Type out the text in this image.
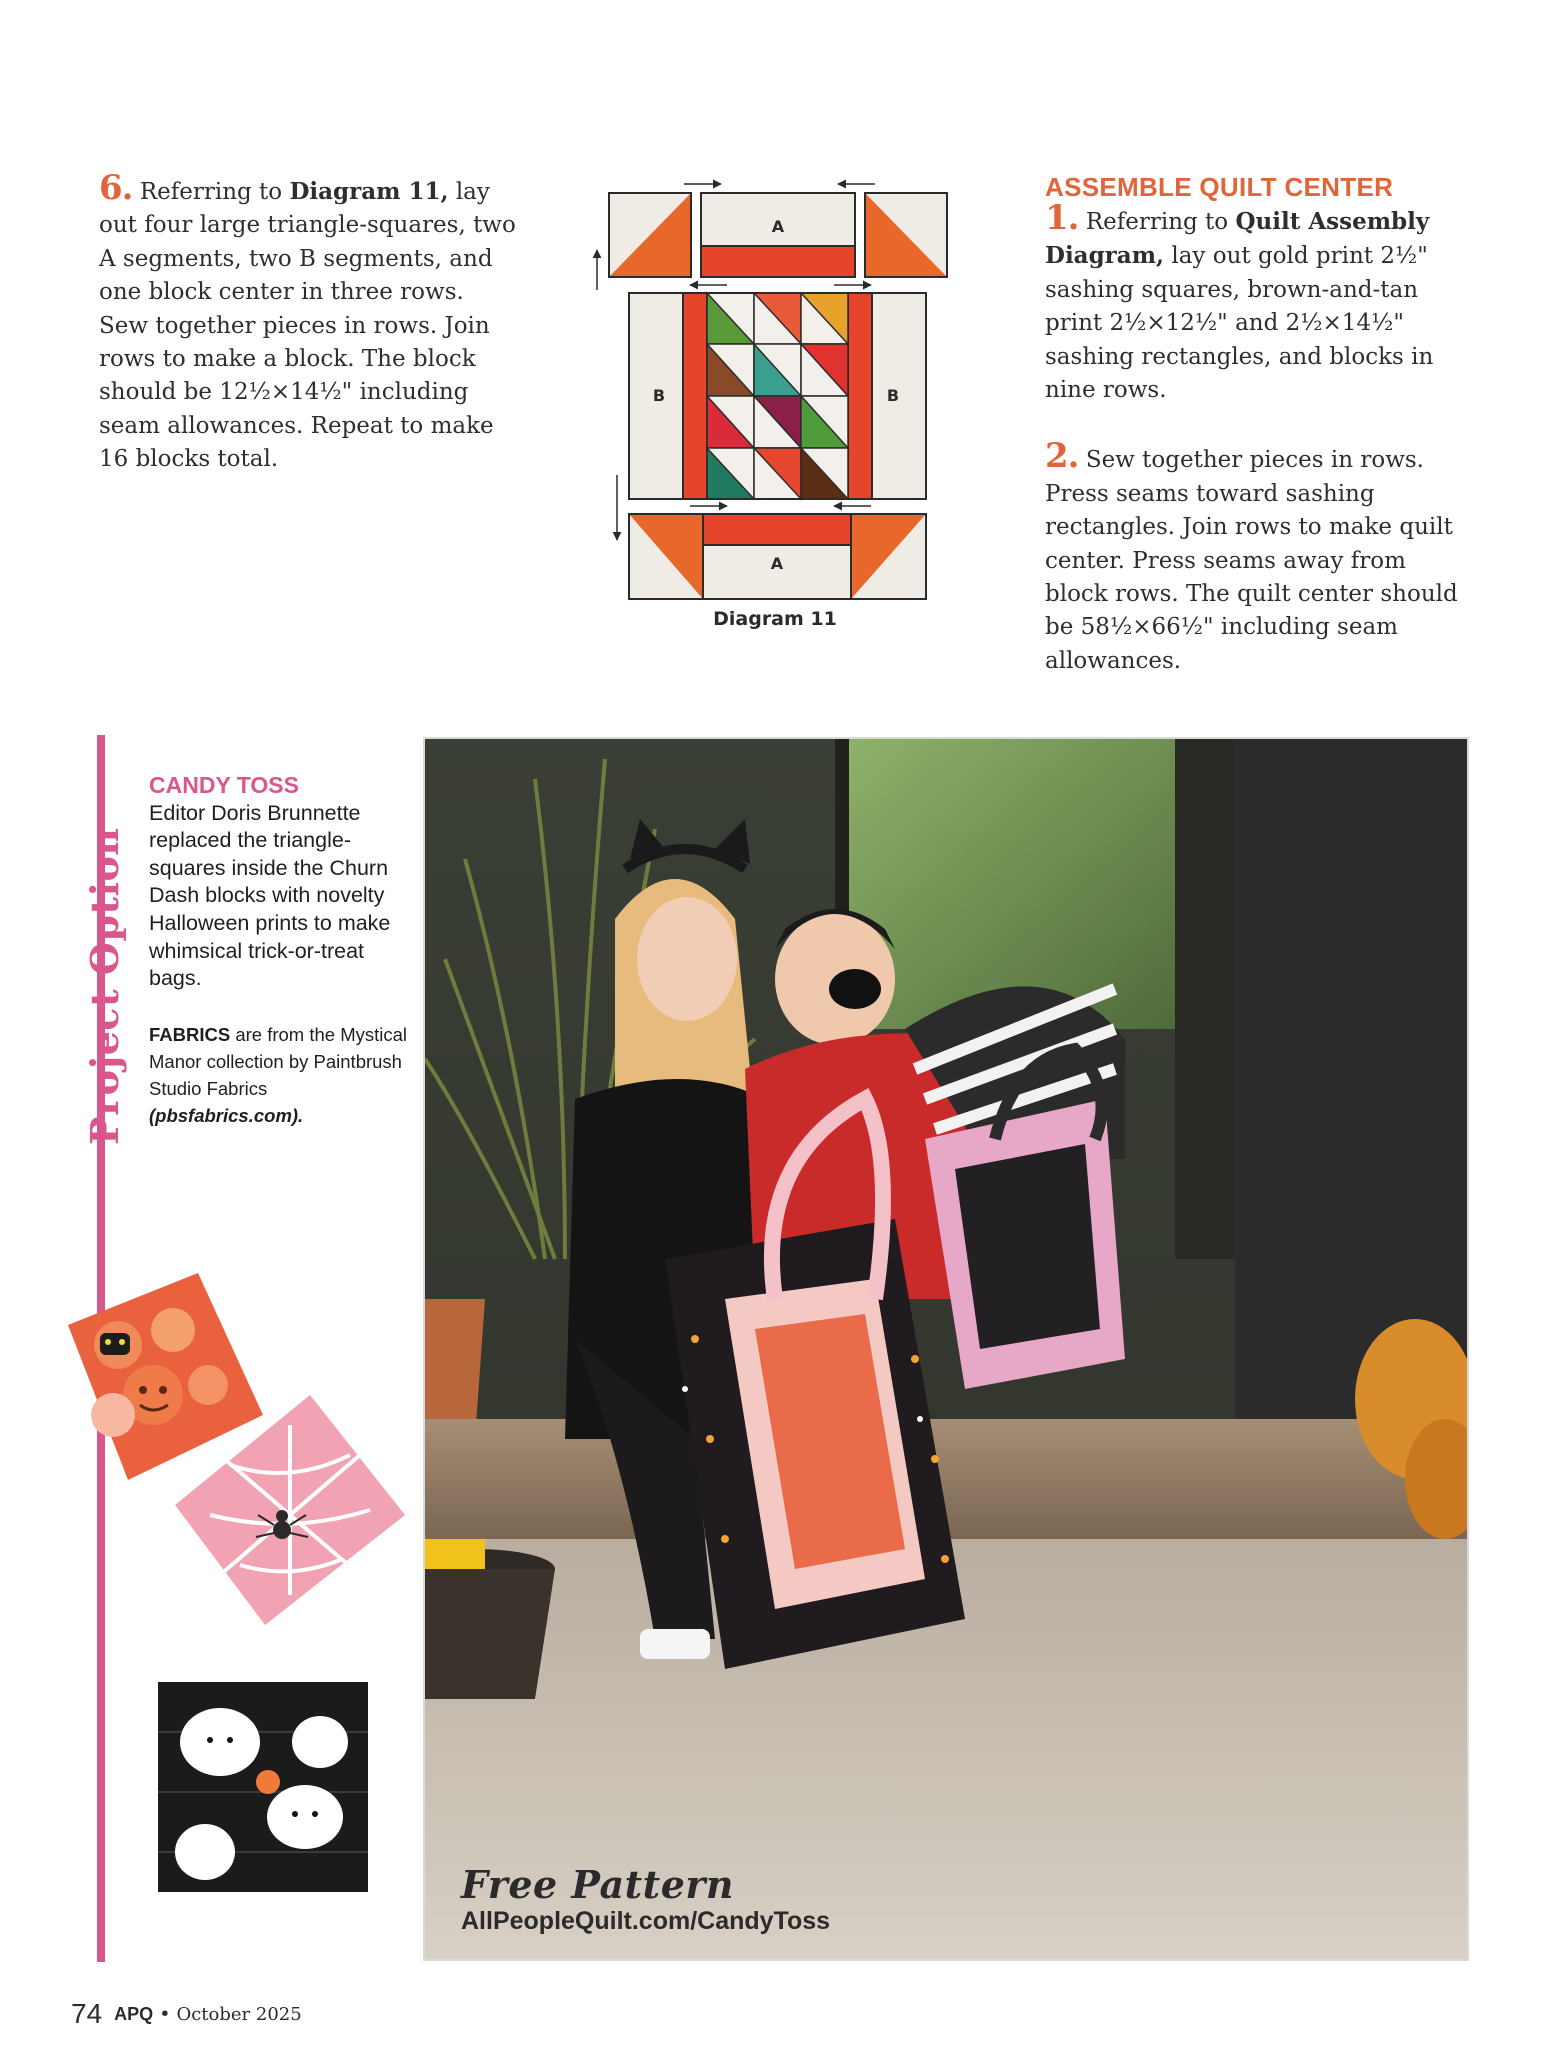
6. Referring to Diagram 11, lay out four large triangle-squares, two A segments, two B segments, and one block center in three rows. Sew together pieces in rows. Join rows to make a block. The block should be 12¹⁄₂×14¹⁄₂" including seam allowances. Repeat to make 16 blocks total.
A
A
B	B
Diagram 11
ASSEMBLE QUILT CENTER

1. Referring to Quilt Assembly Diagram, lay out gold print 2¹⁄₂" sashing squares, brown-and-tan print 2¹⁄₂×12¹⁄₂" and 2¹⁄₂×14¹⁄₂" sashing rectangles, and blocks in nine rows.

2. Sew together pieces in rows. Press seams toward sashing rectangles. Join rows to make quilt center. Press seams away from block rows. The quilt center should be 58¹⁄₂×66¹⁄₂" including seam allowances.

Project Option
CANDY TOSS
Editor Doris Brunnette replaced the triangle-squares inside the Churn Dash blocks with novelty Halloween prints to make whimsical trick-or-treat bags.
FABRICS are from the Mystical Manor collection by Paintbrush Studio Fabrics (pbsfabrics.com).
Free Pattern
AllPeopleQuilt.com/CandyToss
74 APQ • October 2025
